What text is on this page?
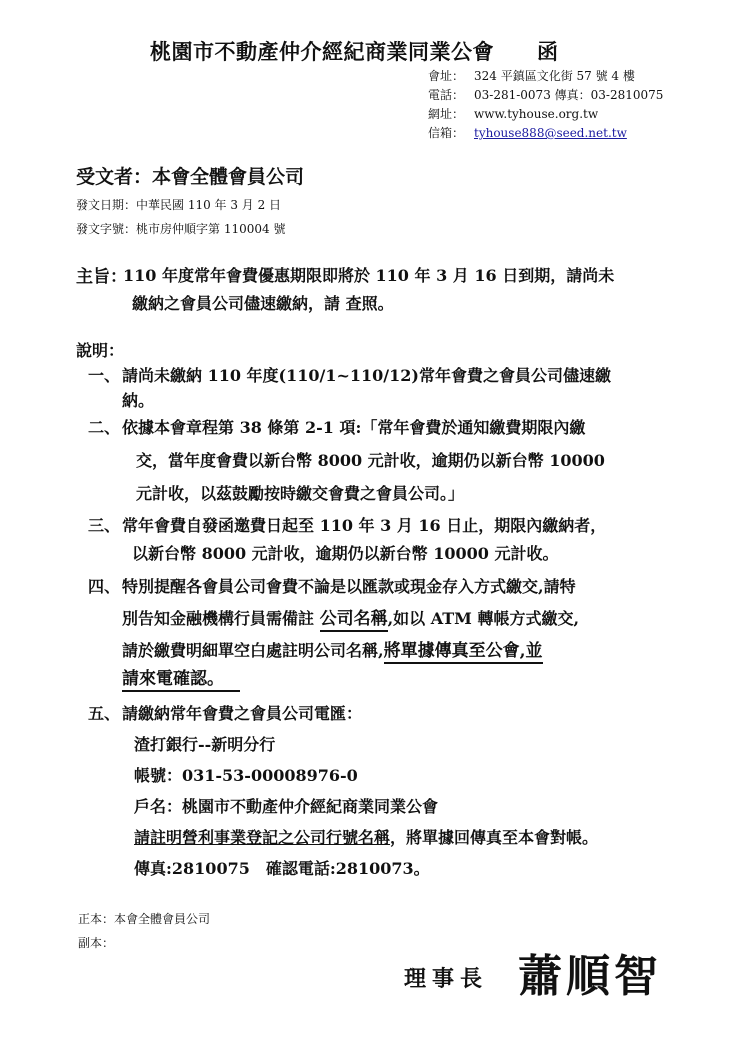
桃園市不動產仲介經紀商業同業公會　　函
會址： 324 平鎮區文化街 57 號 4 樓
電話： 03-281-0073 傳真：03-2810075
網址： www.tyhouse.org.tw
信箱： tyhouse888@seed.net.tw
受文者：本會全體會員公司
發文日期：中華民國 110 年 3 月 2 日
發文字號：桃市房仲順字第 110004 號
主旨：
110 年度常年會費優惠期限即將於 110 年 3 月 16 日到期，請尚未
繳納之會員公司儘速繳納，請 查照。
說明：
一、 請尚未繳納 110 年度(110/1~110/12)常年會費之會員公司儘速繳
納。
二、 依據本會章程第 38 條第 2-1 項:「常年會費於通知繳費期限內繳
交，當年度會費以新台幣 8000 元計收，逾期仍以新台幣 10000
元計收，以茲鼓勵按時繳交會費之會員公司。」
三、 常年會費自發函邀費日起至 110 年 3 月 16 日止，期限內繳納者，
以新台幣 8000 元計收，逾期仍以新台幣 10000 元計收。
四、 特別提醒各會員公司會費不論是以匯款或現金存入方式繳交,請特
別告知金融機構行員需備註 公司名稱,如以 ATM 轉帳方式繳交,
請於繳費明細單空白處註明公司名稱,將單據傳真至公會,並
請來電確認。
五、 請繳納常年會費之會員公司電匯：
渣打銀行--新明分行
帳號：031-53-00008976-0
戶名：桃園市不動產仲介經紀商業同業公會
請註明營利事業登記之公司行號名稱，將單據回傳真至本會對帳。
傳真:2810075　確認電話:2810073。
正本：本會全體會員公司
副本：
理事長 蕭順智
